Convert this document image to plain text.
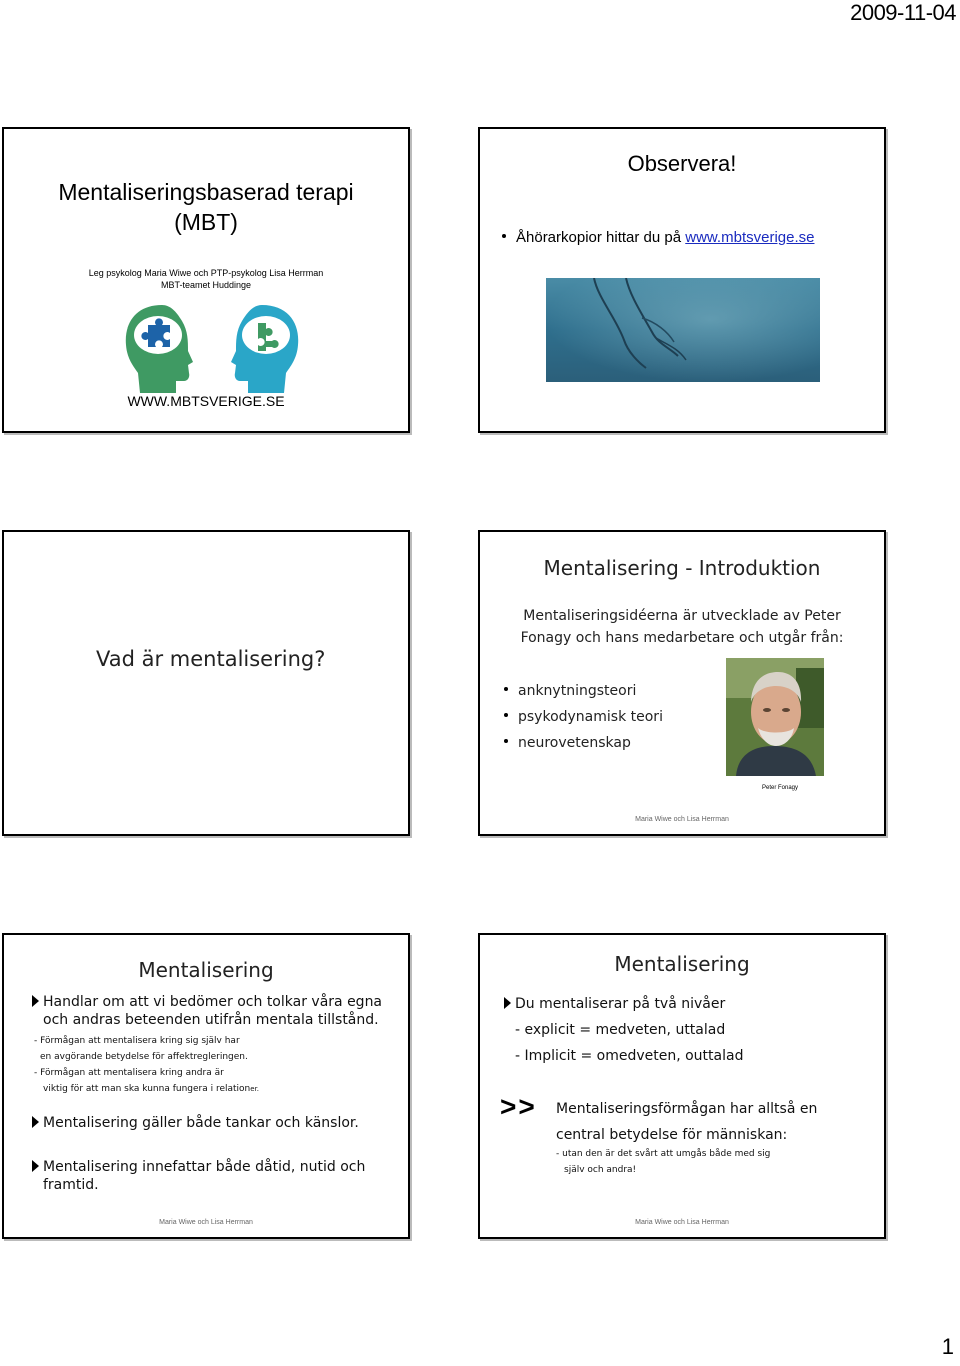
2009-11-04
Mentaliseringsbaserad terapi
(MBT)
Leg psykolog Maria Wiwe och PTP-psykolog Lisa Herrman
MBT-teamet Huddinge
WWW.MBTSVERIGE.SE
Observera!
Åhörarkopior hittar du på www.mbtsverige.se
Vad är mentalisering?
Mentalisering - Introduktion
Mentaliseringsidéerna är utvecklade av Peter
Fonagy och hans medarbetare och utgår från:
anknytningsteori
psykodynamisk teori
neurovetenskap
Peter Fonagy
Maria Wiwe och Lisa Herrman
Mentalisering
Handlar om att vi bedömer och tolkar våra egna
och andras beteenden utifrån mentala tillstånd.
- Förmågan att mentalisera kring sig själv har
en avgörande betydelse för affektregleringen.
- Förmågan att mentalisera kring andra är
viktig för att man ska kunna fungera i relationer.
Mentalisering gäller både tankar och känslor.
Mentalisering innefattar både dåtid, nutid och
framtid.
Maria Wiwe och Lisa Herrman
Mentalisering
Du mentaliserar på två nivåer
- explicit = medveten, uttalad
- Implicit = omedveten, outtalad
>> Mentaliseringsförmågan har alltså en
central betydelse för människan:
- utan den är det svårt att umgås både med sig
själv och andra!
Maria Wiwe och Lisa Herrman
1
